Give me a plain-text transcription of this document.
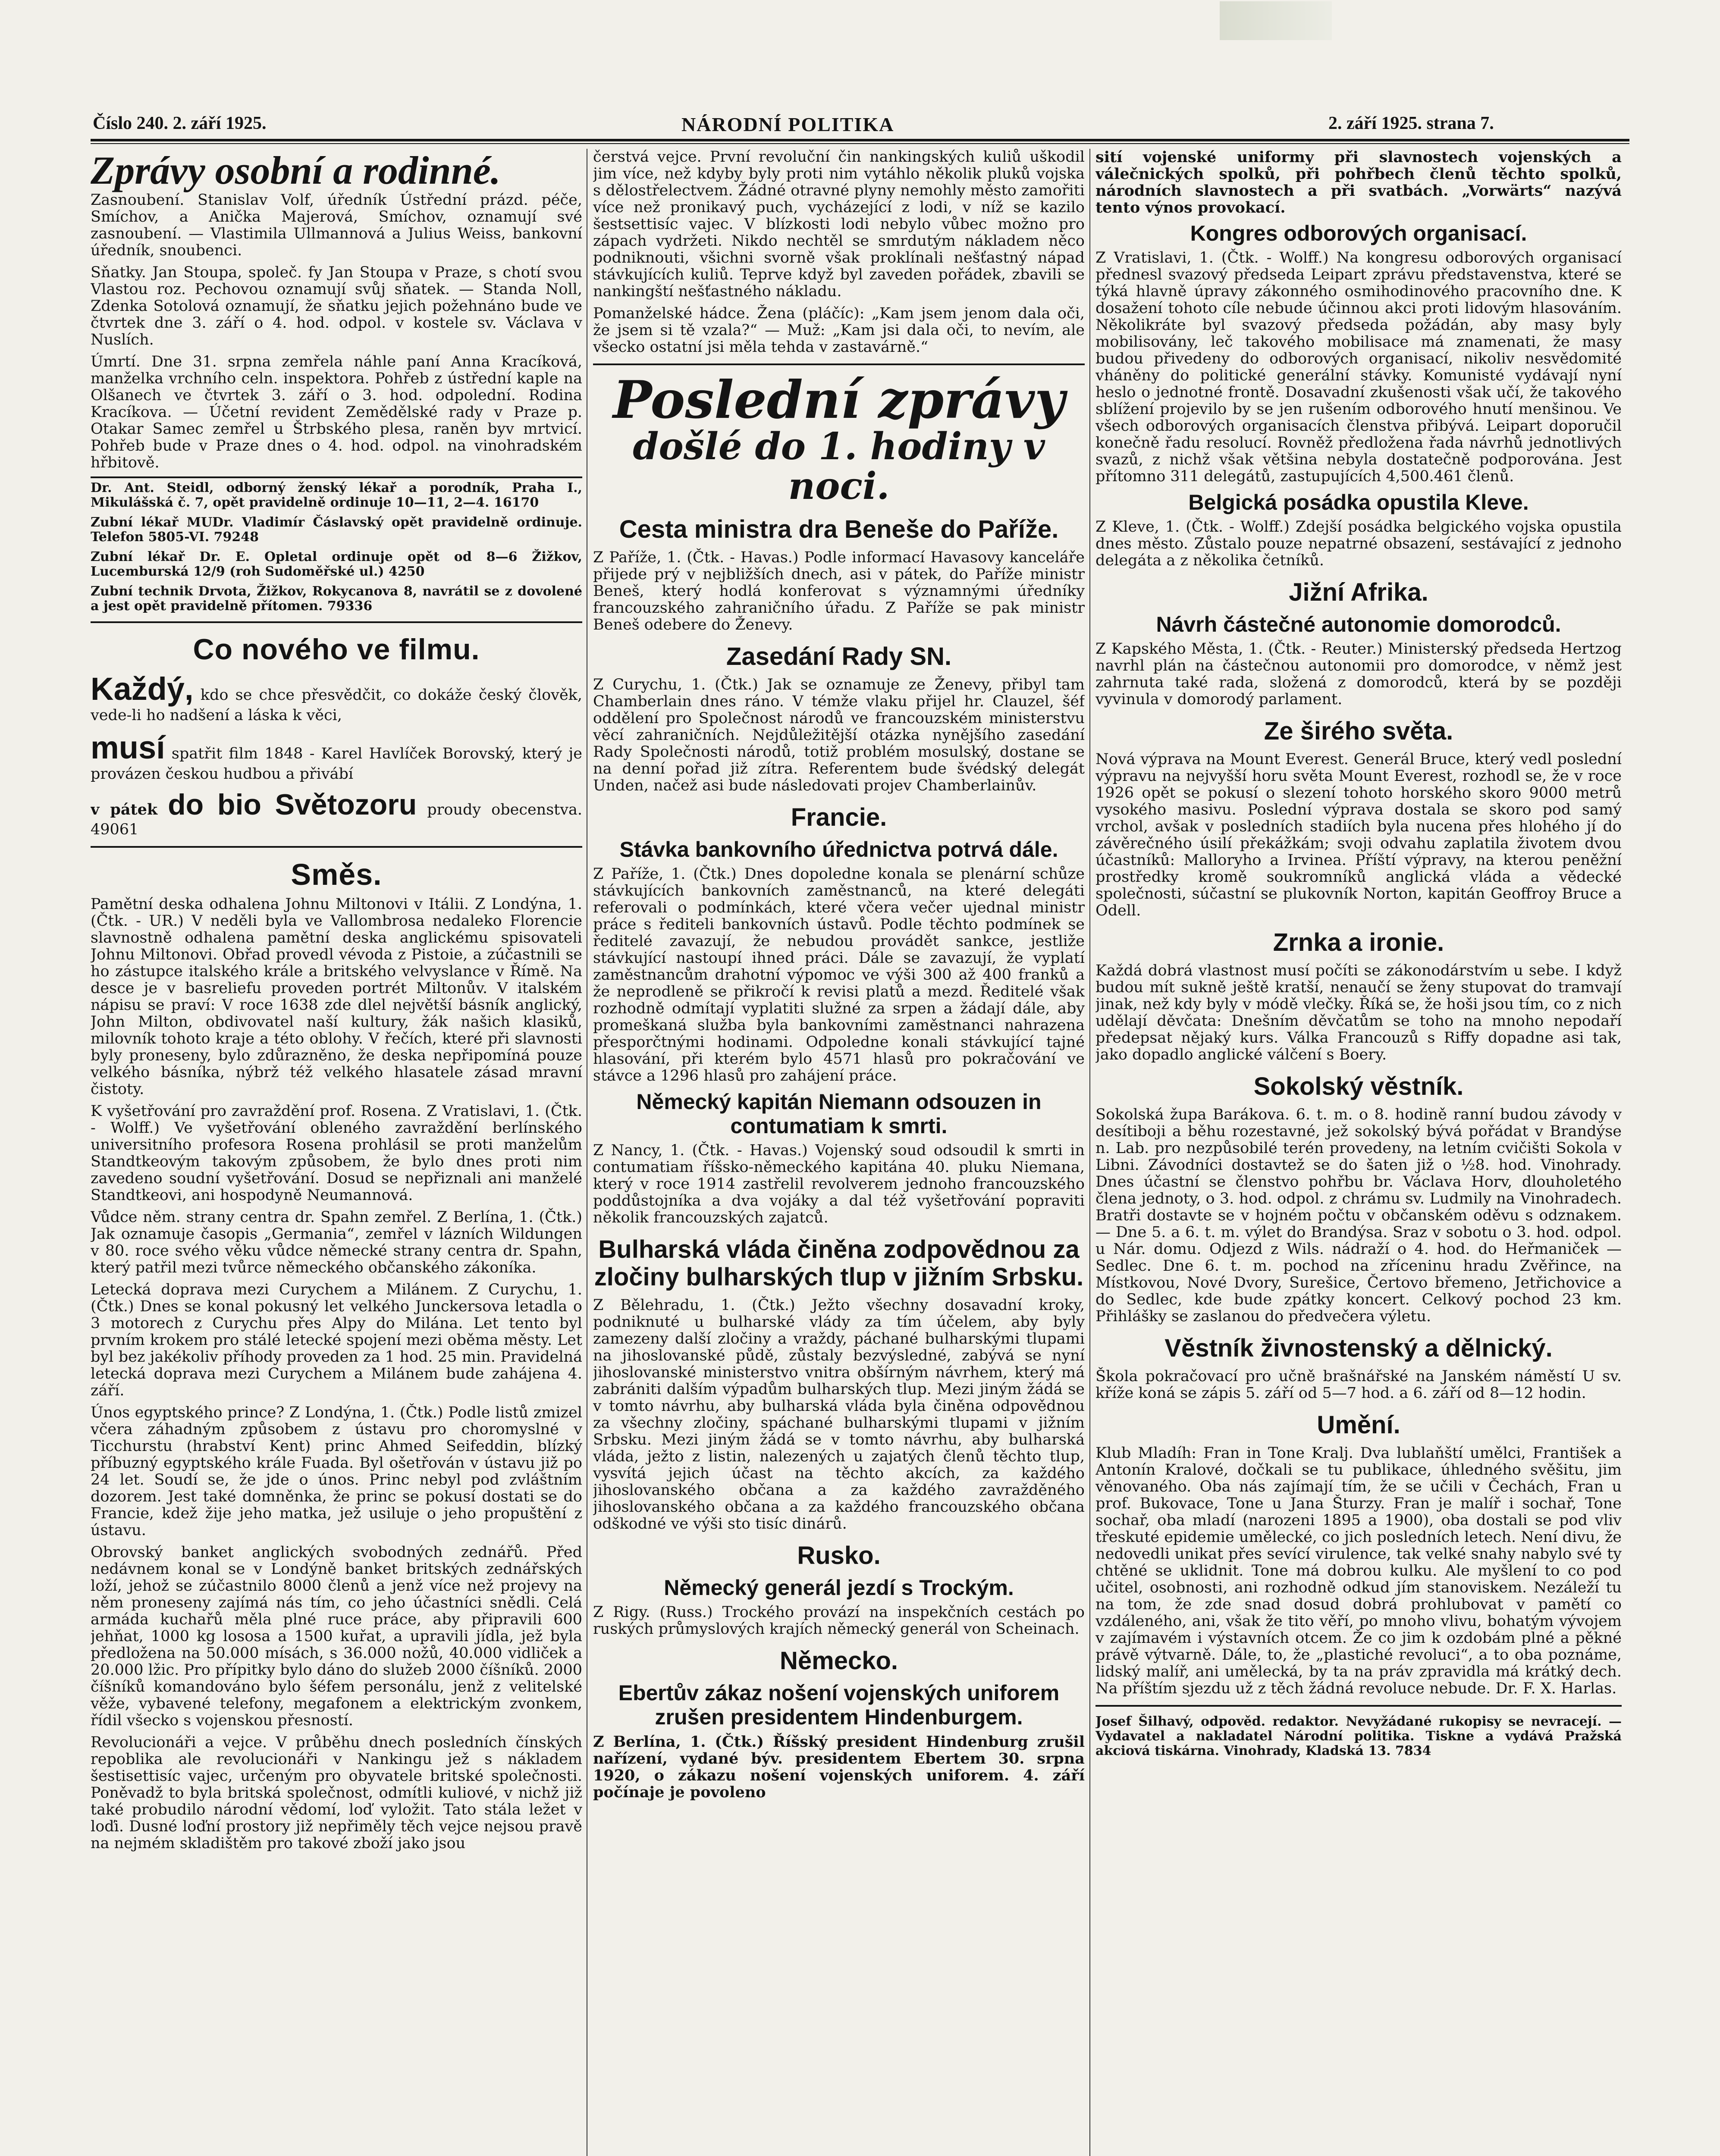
Číslo 240. 2. září 1925.	NÁRODNÍ POLITIKA	2. září 1925. strana 7.
Zprávy osobní a rodinné.

Zasnoubení. Stanislav Volf, úředník Ústřední prázd. péče, Smíchov, a Anička Majerová, Smíchov, oznamují své zasnoubení. — Vlastimila Ullmannová a Julius Weiss, bankovní úředník, snoubenci.

Sňatky. Jan Stoupa, společ. fy Jan Stoupa v Praze, s chotí svou Vlastou roz. Pechovou oznamují svůj sňatek. — Standa Noll, Zdenka Sotolová oznamují, že sňatku jejich požehnáno bude ve čtvrtek dne 3. září o 4. hod. odpol. v kostele sv. Václava v Nuslích.

Úmrtí. Dne 31. srpna zemřela náhle paní Anna Kracíková, manželka vrchního celn. inspektora. Pohřeb z ústřední kaple na Olšanech ve čtvrtek 3. září o 3. hod. odpolední. Rodina Kracíkova. — Účetní revident Zemědělské rady v Praze p. Otakar Samec zemřel u Štrbského plesa, raněn byv mrtvicí. Pohřeb bude v Praze dnes o 4. hod. odpol. na vinohradském hřbitově.

Dr. Ant. Steidl, odborný ženský lékař a porodník, Praha I., Mikulášská č. 7, opět pravidelně ordinuje 10—11, 2—4. 16170

Zubní lékař MUDr. Vladimír Čáslavský opět pravidelně ordinuje. Telefon 5805-VI. 79248

Zubní lékař Dr. E. Opletal ordinuje opět od 8—6 Žižkov, Lucemburská 12/9 (roh Sudoměřské ul.) 4250

Zubní technik Drvota, Žižkov, Rokycanova 8, navrátil se z dovolené a jest opět pravidelně přítomen. 79336

Co nového ve filmu.

Každý, kdo se chce přesvědčit, co dokáže český člověk, vede-li ho nadšení a láska k věci,

musí spatřit film 1848 - Karel Havlíček Borovský, který je provázen českou hudbou a přivábí

v pátek do bio Světozoru proudy obecenstva. 49061

Směs.

Pamětní deska odhalena Johnu Miltonovi v Itálii. Z Londýna, 1. (Čtk. - UR.) V neděli byla ve Vallombrosa nedaleko Florencie slavnostně odhalena pamětní deska anglickému spisovateli Johnu Miltonovi. Obřad provedl vévoda z Pistoie, a zúčastnili se ho zástupce italského krále a britského velvyslance v Římě. Na desce je v basreliefu proveden portrét Miltonův. V italském nápisu se praví: V roce 1638 zde dlel největší básník anglický, John Milton, obdivovatel naší kultury, žák našich klasiků, milovník tohoto kraje a této oblohy. V řečích, které při slavnosti byly proneseny, bylo zdůrazněno, že deska nepřipomíná pouze velkého básníka, nýbrž též velkého hlasatele zásad mravní čistoty.

K vyšetřování pro zavraždění prof. Rosena. Z Vratislavi, 1. (Čtk. - Wolff.) Ve vyšetřování obleného zavraždění berlínského universitního profesora Rosena prohlásil se proti manželům Standtkeovým takovým způsobem, že bylo dnes proti nim zavedeno soudní vyšetřování. Dosud se nepřiznali ani manželé Standtkeovi, ani hospodyně Neumannová.

Vůdce něm. strany centra dr. Spahn zemřel. Z Berlína, 1. (Čtk.) Jak oznamuje časopis „Germania“, zemřel v lázních Wildungen v 80. roce svého věku vůdce německé strany centra dr. Spahn, který patřil mezi tvůrce německého občanského zákoníka.

Letecká doprava mezi Curychem a Milánem. Z Curychu, 1. (Čtk.) Dnes se konal pokusný let velkého Junckersova letadla o 3 motorech z Curychu přes Alpy do Milána. Let tento byl prvním krokem pro stálé letecké spojení mezi oběma městy. Let byl bez jakékoliv příhody proveden za 1 hod. 25 min. Pravidelná letecká doprava mezi Curychem a Milánem bude zahájena 4. září.

Únos egyptského prince? Z Londýna, 1. (Čtk.) Podle listů zmizel včera záhadným způsobem z ústavu pro choromyslné v Ticchurstu (hrabství Kent) princ Ahmed Seifeddin, blízký příbuzný egyptského krále Fuada. Byl ošetřován v ústavu již po 24 let. Soudí se, že jde o únos. Princ nebyl pod zvláštním dozorem. Jest také domněnka, že princ se pokusí dostati se do Francie, kdež žije jeho matka, jež usiluje o jeho propuštění z ústavu.

Obrovský banket anglických svobodných zednářů. Před nedávnem konal se v Londýně banket britských zednářských loží, jehož se zúčastnilo 8000 členů a jenž více než projevy na něm proneseny zajímá nás tím, co jeho účastníci snědli. Celá armáda kuchařů měla plné ruce práce, aby připravili 600 jehňat, 1000 kg lososa a 1500 kuřat, a upravili jídla, jež byla předložena na 50.000 mísách, s 36.000 nožů, 40.000 vidliček a 20.000 lžic. Pro přípitky bylo dáno do služeb 2000 číšníků. 2000 číšníků komandováno bylo šéfem personálu, jenž z velitelské věže, vybavené telefony, megafonem a elektrickým zvonkem, řídil všecko s vojenskou přesností.

Revolucionáři a vejce. V průběhu dnech posledních čínských repoblika ale revolucionáři v Nankingu jež s nákladem šestisettisíc vajec, určeným pro obyvatele britské společnosti. Poněvadž to byla britská společnost, odmítli kuliové, v nichž již také probudilo národní vědomí, loď vyložit. Tato stála ležet v loďi. Dusné loďní prostory již nepřiměly těch vejce nejsou pravě na nejmém skladištěm pro takové zboží jako jsou

čerstvá vejce. První revoluční čin nankingských kuliů uškodil jim více, než kdyby byly proti nim vytáhlo několik pluků vojska s dělostřelectvem. Žádné otravné plyny nemohly město zamořiti více než pronikavý puch, vycházející z lodi, v níž se kazilo šestsettisíc vajec. V blízkosti lodi nebylo vůbec možno pro zápach vydržeti. Nikdo nechtěl se smrdutým nákladem něco podniknouti, všichni svorně však proklínali nešťastný nápad stávkujících kuliů. Teprve když byl zaveden pořádek, zbavili se nankingští nešťastného nákladu.

Pomanželské hádce. Žena (pláčíc): „Kam jsem jenom dala oči, že jsem si tě vzala?“ — Muž: „Kam jsi dala oči, to nevím, ale všecko ostatní jsi měla tehda v zastavárně.“

Poslední zprávy
došlé do 1. hodiny v noci.
Cesta ministra dra Beneše do Paříže.

Z Paříže, 1. (Čtk. - Havas.) Podle informací Havasovy kanceláře přijede prý v nejbližších dnech, asi v pátek, do Paříže ministr Beneš, který hodlá konferovat s významnými úředníky francouzského zahraničního úřadu. Z Paříže se pak ministr Beneš odebere do Ženevy.

Zasedání Rady SN.

Z Curychu, 1. (Čtk.) Jak se oznamuje ze Ženevy, přibyl tam Chamberlain dnes ráno. V témže vlaku přijel hr. Clauzel, šéf oddělení pro Společnost národů ve francouzském ministerstvu věcí zahraničních. Nejdůležitější otázka nynějšího zasedání Rady Společnosti národů, totiž problém mosulský, dostane se na denní pořad již zítra. Referentem bude švédský delegát Unden, načež asi bude následovati projev Chamberlainův.

Francie.
Stávka bankovního úřednictva potrvá dále.

Z Paříže, 1. (Čtk.) Dnes dopoledne konala se plenární schůze stávkujících bankovních zaměstnanců, na které delegáti referovali o podmínkách, které včera večer ujednal ministr práce s řediteli bankovních ústavů. Podle těchto podmínek se ředitelé zavazují, že nebudou provádět sankce, jestliže stávkující nastoupí ihned práci. Dále se zavazují, že vyplatí zaměstnancům drahotní výpomoc ve výši 300 až 400 franků a že neprodleně se přikročí k revisi platů a mezd. Ředitelé však rozhodně odmítají vyplatiti služné za srpen a žádají dále, aby promeškaná služba byla bankovními zaměstnanci nahrazena přesporčtnými hodinami. Odpoledne konali stávkující tajné hlasování, při kterém bylo 4571 hlasů pro pokračování ve stávce a 1296 hlasů pro zahájení práce.

Německý kapitán Niemann odsouzen in contumatiam k smrti.

Z Nancy, 1. (Čtk. - Havas.) Vojenský soud odsoudil k smrti in contumatiam říšsko-německého kapitána 40. pluku Niemana, který v roce 1914 zastřelil revolverem jednoho francouzského poddůstojníka a dva vojáky a dal též vyšetřování popraviti několik francouzských zajatců.

Bulharská vláda činěna zodpovědnou za zločiny bulharských tlup v jižním Srbsku.

Z Bělehradu, 1. (Čtk.) Ježto všechny dosavadní kroky, podniknuté u bulharské vlády za tím účelem, aby byly zamezeny další zločiny a vraždy, páchané bulharskými tlupami na jihoslovanské půdě, zůstaly bezvýsledné, zabývá se nyní jihoslovanské ministerstvo vnitra obšírným návrhem, který má zabrániti dalším výpadům bulharských tlup. Mezi jiným žádá se v tomto návrhu, aby bulharská vláda byla činěna odpovědnou za všechny zločiny, spáchané bulharskými tlupami v jižním Srbsku. Mezi jiným žádá se v tomto návrhu, aby bulharská vláda, ježto z listin, nalezených u zajatých členů těchto tlup, vysvítá jejich účast na těchto akcích, za každého jihoslovanského občana a za každého zavražděného jihoslovanského občana a za každého francouzského občana odškodné ve výši sto tisíc dinárů.

Rusko.
Německý generál jezdí s Trockým.

Z Rigy. (Russ.) Trockého provází na inspekčních cestách po ruských průmyslových krajích německý generál von Scheinach.

Německo.
Ebertův zákaz nošení vojenských uniforem zrušen presidentem Hindenburgem.

Z Berlína, 1. (Čtk.) Říšský president Hindenburg zrušil nařízení, vydané býv. presidentem Ebertem 30. srpna 1920, o zákazu nošení vojenských uniforem. 4. září počínaje je povoleno

sití vojenské uniformy při slavnostech vojenských a válečnických spolků, při pohřbech členů těchto spolků, národních slavnostech a při svatbách. „Vorwärts“ nazývá tento výnos provokací.

Kongres odborových organisací.

Z Vratislavi, 1. (Čtk. - Wolff.) Na kongresu odborových organisací přednesl svazový předseda Leipart zprávu představenstva, které se týká hlavně úpravy zákonného osmihodinového pracovního dne. K dosažení tohoto cíle nebude účinnou akci proti lidovým hlasováním. Několikráte byl svazový předseda požádán, aby masy byly mobilisovány, leč takového mobilisace má znamenati, že masy budou přivedeny do odborových organisací, nikoliv nesvědomité vháněny do politické generální stávky. Komunisté vydávají nyní heslo o jednotné frontě. Dosavadní zkušenosti však učí, že takového sblížení projevilo by se jen rušením odborového hnutí menšinou. Ve všech odborových organisacích členstva přibývá. Leipart doporučil konečně řadu resolucí. Rovněž předložena řada návrhů jednotlivých svazů, z nichž však většina nebyla dostatečně podporována. Jest přítomno 311 delegátů, zastupujících 4,500.461 členů.

Belgická posádka opustila Kleve.

Z Kleve, 1. (Čtk. - Wolff.) Zdejší posádka belgického vojska opustila dnes město. Zůstalo pouze nepatrné obsazení, sestávající z jednoho delegáta a z několika četníků.

Jižní Afrika.
Návrh částečné autonomie domorodců.

Z Kapského Města, 1. (Čtk. - Reuter.) Ministerský předseda Hertzog navrhl plán na částečnou autonomii pro domorodce, v němž jest zahrnuta také rada, složená z domorodců, která by se později vyvinula v domorodý parlament.

Ze širého světa.

Nová výprava na Mount Everest. Generál Bruce, který vedl poslední výpravu na nejvyšší horu světa Mount Everest, rozhodl se, že v roce 1926 opět se pokusí o slezení tohoto horského skoro 9000 metrů vysokého masivu. Poslední výprava dostala se skoro pod samý vrchol, avšak v posledních stadiích byla nucena přes hlohého jí do závěrečného úsilí překážkám; svoji odvahu zaplatila životem dvou účastníků: Malloryho a Irvinea. Příští výpravy, na kterou peněžní prostředky kromě soukromníků anglická vláda a vědecké společnosti, súčastní se plukovník Norton, kapitán Geoffroy Bruce a Odell.

Zrnka a ironie.

Každá dobrá vlastnost musí počíti se zákonodárstvím u sebe. I když budou mít sukně ještě kratší, nenaučí se ženy stupovat do tramvají jinak, než kdy byly v módě vlečky. Říká se, že hoši jsou tím, co z nich udělají děvčata: Dnešním děvčatům se toho na mnoho nepodaří předepsat nějaký kurs. Válka Francouzů s Riffy dopadne asi tak, jako dopadlo anglické válčení s Boery.

Sokolský věstník.

Sokolská župa Barákova. 6. t. m. o 8. hodině ranní budou závody v desítiboji a běhu rozestavné, jež sokolský bývá pořádat v Brandýse n. Lab. pro nezpůsobilé terén provedeny, na letním cvičišti Sokola v Libni. Závodníci dostavtež se do šaten již o ½8. hod. Vinohrady. Dnes účastní se členstvo pohřbu br. Václava Horv, dlouholetého člena jednoty, o 3. hod. odpol. z chrámu sv. Ludmily na Vinohradech. Bratři dostavte se v hojném počtu v občanském oděvu s odznakem. — Dne 5. a 6. t. m. výlet do Brandýsa. Sraz v sobotu o 3. hod. odpol. u Nár. domu. Odjezd z Wils. nádraží o 4. hod. do Heřmaniček — Sedlec. Dne 6. t. m. pochod na zříceninu hradu Zvěřince, na Místkovou, Nové Dvory, Surešice, Čertovo břemeno, Jetřichovice a do Sedlec, kde bude zpátky koncert. Celkový pochod 23 km. Přihlášky se zaslanou do předvečera výletu.

Věstník živnostenský a dělnický.

Škola pokračovací pro učně brašnářské na Janském náměstí U sv. kříže koná se zápis 5. září od 5—7 hod. a 6. září od 8—12 hodin.

Umění.

Klub Mladíh: Fran in Tone Kralj. Dva lublaňští umělci, František a Antonín Kralové, dočkali se tu publikace, úhledného svěšitu, jim věnovaného. Oba nás zajímají tím, že se učili v Čechách, Fran u prof. Bukovace, Tone u Jana Šturzy. Fran je malíř i sochař, Tone sochař, oba mladí (narozeni 1895 a 1900), oba dostali se pod vliv třeskuté epidemie umělecké, co jich posledních letech. Není divu, že nedovedli unikat přes sevící virulence, tak velké snahy nabylo své ty chtěné se uklidnit. Tone má dobrou kulku. Ale myšlení to co pod učitel, osobnosti, ani rozhodně odkud jím stanoviskem. Nezáleží tu na tom, že zde snad dosud dobrá prohlubovat v pamětí co vzdáleného, ani, však že tito věří, po mnoho vlivu, bohatým vývojem v zajímavém i výstavních otcem. Že co jim k ozdobám plné a pěkné právě výtvarně. Dále, to, že „plastiché revoluci“, a to oba poznáme, lidský malíř, ani umělecká, by ta na práv zpravidla má krátký dech. Na příštím sjezdu už z těch žádná revoluce nebude. Dr. F. X. Harlas.

Josef Šilhavý, odpověd. redaktor. Nevyžádané rukopisy se nevracejí. — Vydavatel a nakladatel Národní politika. Tiskne a vydává Pražská akciová tiskárna. Vinohrady, Kladská 13. 7834
